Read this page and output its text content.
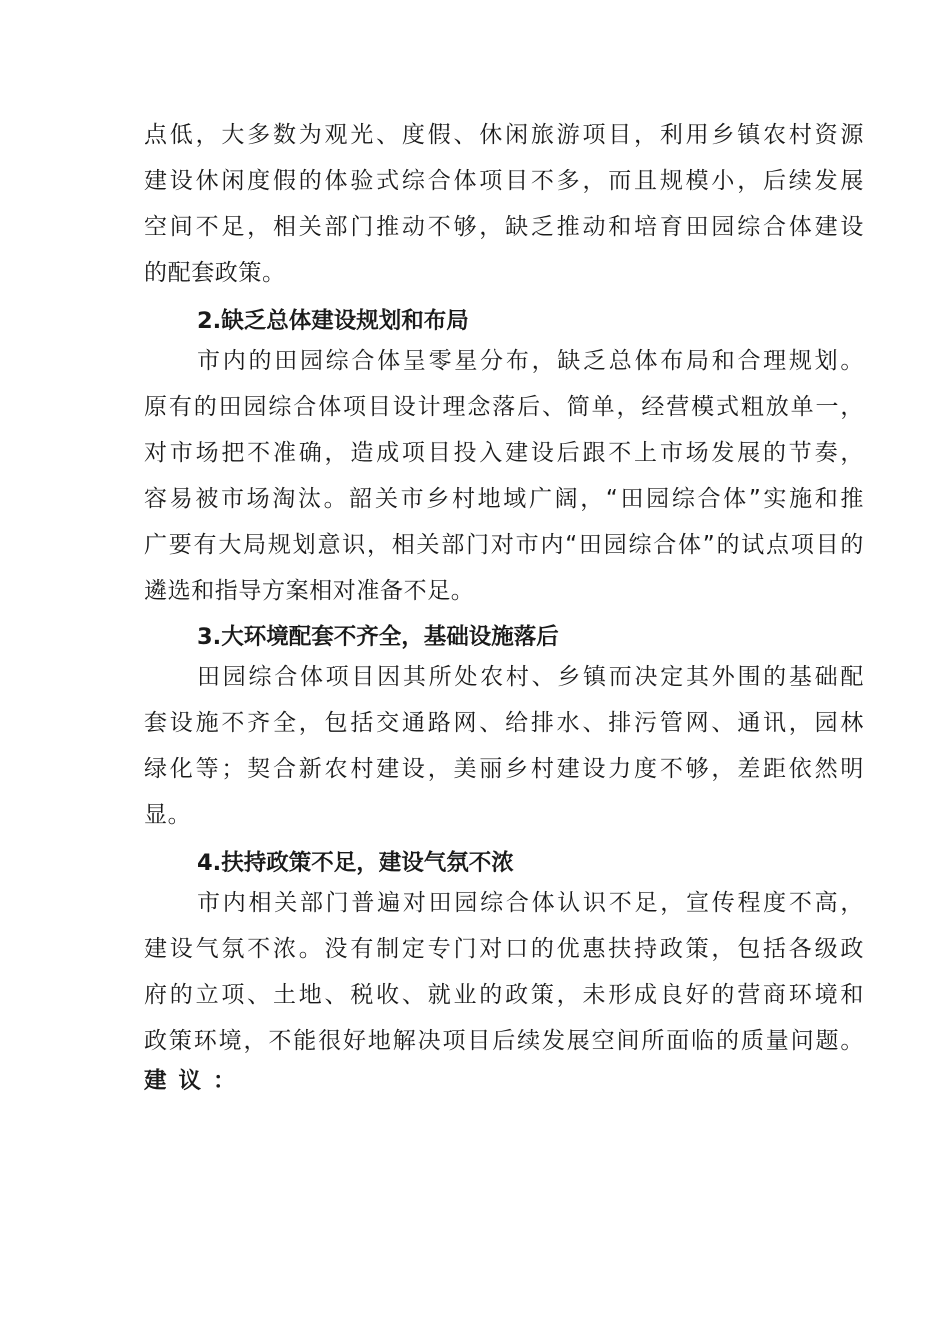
点低，大多数为观光、度假、休闲旅游项目，利用乡镇农村资源
建设休闲度假的体验式综合体项目不多，而且规模小，后续发展
空间不足，相关部门推动不够，缺乏推动和培育田园综合体建设
的配套政策。
2.缺乏总体建设规划和布局
市内的田园综合体呈零星分布，缺乏总体布局和合理规划。
原有的田园综合体项目设计理念落后、简单，经营模式粗放单一，
对市场把不准确，造成项目投入建设后跟不上市场发展的节奏，
容易被市场淘汰。韶关市乡村地域广阔，“田园综合体”实施和推
广要有大局规划意识，相关部门对市内“田园综合体”的试点项目的
遴选和指导方案相对准备不足。
3.大环境配套不齐全，基础设施落后
田园综合体项目因其所处农村、乡镇而决定其外围的基础配
套设施不齐全，包括交通路网、给排水、排污管网、通讯，园林
绿化等；契合新农村建设，美丽乡村建设力度不够，差距依然明
显。
4.扶持政策不足，建设气氛不浓
市内相关部门普遍对田园综合体认识不足，宣传程度不高，
建设气氛不浓。没有制定专门对口的优惠扶持政策，包括各级政
府的立项、土地、税收、就业的政策，未形成良好的营商环境和
政策环境，不能很好地解决项目后续发展空间所面临的质量问题。
建议：
